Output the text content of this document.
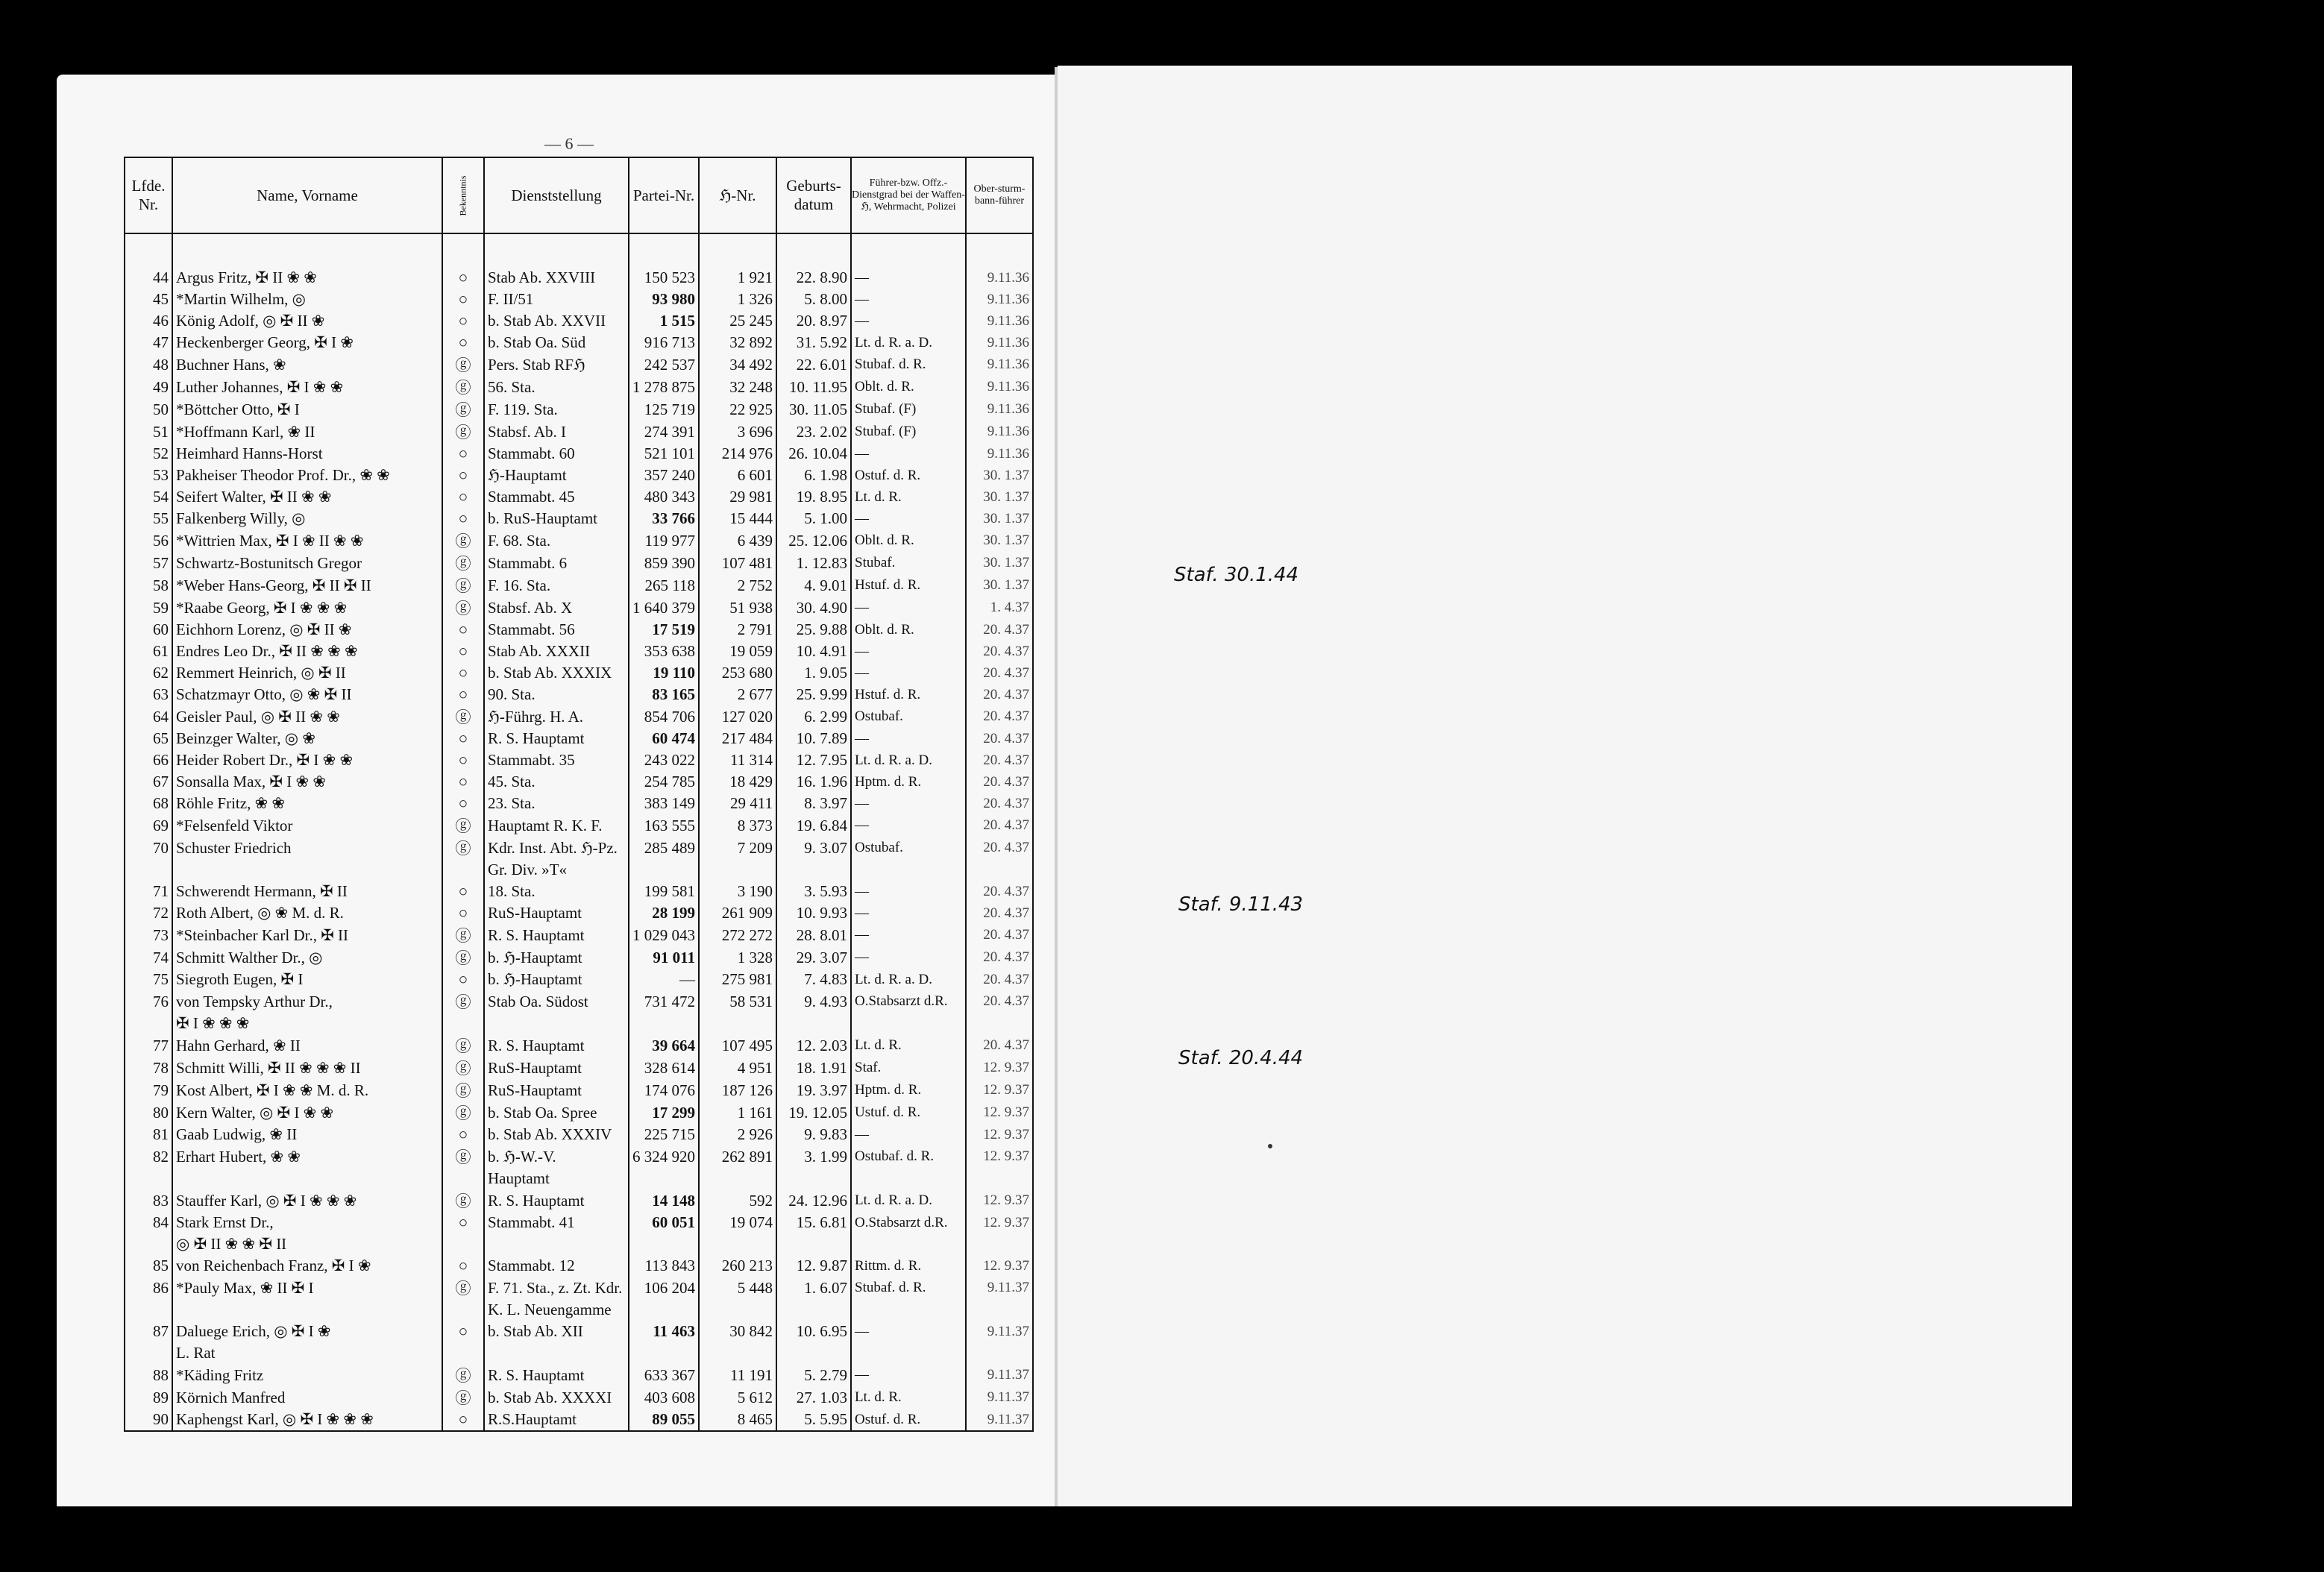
— 6 —
Lfde. Nr.	Name, Vorname	Bekenntnis	Dienststellung	Partei-Nr.	ℌ-Nr.	Geburts-datum	Führer-bzw. Offz.-Dienstgrad bei der Waffen-ℌ, Wehrmacht, Polizei	Ober-sturm-bann-führer

44	Argus Fritz, ✠ II ❀ ❀	○	Stab Ab. XXVIII	150 523	1 921	22. 8.90	—	9.11.36
45	*Martin Wilhelm, ◎	○	F. II/51	93 980	1 326	5. 8.00	—	9.11.36
46	König Adolf, ◎ ✠ II ❀	○	b. Stab Ab. XXVII	1 515	25 245	20. 8.97	—	9.11.36
47	Heckenberger Georg, ✠ I ❀	○	b. Stab Oa. Süd	916 713	32 892	31. 5.92	Lt. d. R. a. D.	9.11.36
48	Buchner Hans, ❀	ⓖ	Pers. Stab RFℌ	242 537	34 492	22. 6.01	Stubaf. d. R.	9.11.36
49	Luther Johannes, ✠ I ❀ ❀	ⓖ	56. Sta.	1 278 875	32 248	10. 11.95	Oblt. d. R.	9.11.36
50	*Böttcher Otto, ✠ I	ⓖ	F. 119. Sta.	125 719	22 925	30. 11.05	Stubaf. (F)	9.11.36
51	*Hoffmann Karl, ❀ II	ⓖ	Stabsf. Ab. I	274 391	3 696	23. 2.02	Stubaf. (F)	9.11.36
52	Heimhard Hanns-Horst	○	Stammabt. 60	521 101	214 976	26. 10.04	—	9.11.36
53	Pakheiser Theodor Prof. Dr., ❀ ❀	○	ℌ-Hauptamt	357 240	6 601	6. 1.98	Ostuf. d. R.	30. 1.37
54	Seifert Walter, ✠ II ❀ ❀	○	Stammabt. 45	480 343	29 981	19. 8.95	Lt. d. R.	30. 1.37
55	Falkenberg Willy, ◎	○	b. RuS-Hauptamt	33 766	15 444	5. 1.00	—	30. 1.37
56	*Wittrien Max, ✠ I ❀ II ❀ ❀	ⓖ	F. 68. Sta.	119 977	6 439	25. 12.06	Oblt. d. R.	30. 1.37
57	Schwartz-Bostunitsch Gregor	ⓖ	Stammabt. 6	859 390	107 481	1. 12.83	Stubaf.	30. 1.37
58	*Weber Hans-Georg, ✠ II ✠ II	ⓖ	F. 16. Sta.	265 118	2 752	4. 9.01	Hstuf. d. R.	30. 1.37
59	*Raabe Georg, ✠ I ❀ ❀ ❀	ⓖ	Stabsf. Ab. X	1 640 379	51 938	30. 4.90	—	1. 4.37
60	Eichhorn Lorenz, ◎ ✠ II ❀	○	Stammabt. 56	17 519	2 791	25. 9.88	Oblt. d. R.	20. 4.37
61	Endres Leo Dr., ✠ II ❀ ❀ ❀	○	Stab Ab. XXXII	353 638	19 059	10. 4.91	—	20. 4.37
62	Remmert Heinrich, ◎ ✠ II	○	b. Stab Ab. XXXIX	19 110	253 680	1. 9.05	—	20. 4.37
63	Schatzmayr Otto, ◎ ❀ ✠ II	○	90. Sta.	83 165	2 677	25. 9.99	Hstuf. d. R.	20. 4.37
64	Geisler Paul, ◎ ✠ II ❀ ❀	ⓖ	ℌ-Führg. H. A.	854 706	127 020	6. 2.99	Ostubaf.	20. 4.37
65	Beinzger Walter, ◎ ❀	○	R. S. Hauptamt	60 474	217 484	10. 7.89	—	20. 4.37
66	Heider Robert Dr., ✠ I ❀ ❀	○	Stammabt. 35	243 022	11 314	12. 7.95	Lt. d. R. a. D.	20. 4.37
67	Sonsalla Max, ✠ I ❀ ❀	○	45. Sta.	254 785	18 429	16. 1.96	Hptm. d. R.	20. 4.37
68	Röhle Fritz, ❀ ❀	○	23. Sta.	383 149	29 411	8. 3.97	—	20. 4.37
69	*Felsenfeld Viktor	ⓖ	Hauptamt R. K. F.	163 555	8 373	19. 6.84	—	20. 4.37
70	Schuster Friedrich	ⓖ	Kdr. Inst. Abt. ℌ-Pz.	285 489	7 209	9. 3.07	Ostubaf.	20. 4.37
			Gr. Div. »T«					
71	Schwerendt Hermann, ✠ II	○	18. Sta.	199 581	3 190	3. 5.93	—	20. 4.37
72	Roth Albert, ◎ ❀ M. d. R.	○	RuS-Hauptamt	28 199	261 909	10. 9.93	—	20. 4.37
73	*Steinbacher Karl Dr., ✠ II	ⓖ	R. S. Hauptamt	1 029 043	272 272	28. 8.01	—	20. 4.37
74	Schmitt Walther Dr., ◎	ⓖ	b. ℌ-Hauptamt	91 011	1 328	29. 3.07	—	20. 4.37
75	Siegroth Eugen, ✠ I	○	b. ℌ-Hauptamt	—	275 981	7. 4.83	Lt. d. R. a. D.	20. 4.37
76	von Tempsky Arthur Dr.,	ⓖ	Stab Oa. Südost	731 472	58 531	9. 4.93	O.Stabsarzt d.R.	20. 4.37
	✠ I ❀ ❀ ❀							
77	Hahn Gerhard, ❀ II	ⓖ	R. S. Hauptamt	39 664	107 495	12. 2.03	Lt. d. R.	20. 4.37
78	Schmitt Willi, ✠ II ❀ ❀ ❀ II	ⓖ	RuS-Hauptamt	328 614	4 951	18. 1.91	Staf.	12. 9.37
79	Kost Albert, ✠ I ❀ ❀ M. d. R.	ⓖ	RuS-Hauptamt	174 076	187 126	19. 3.97	Hptm. d. R.	12. 9.37
80	Kern Walter, ◎ ✠ I ❀ ❀	ⓖ	b. Stab Oa. Spree	17 299	1 161	19. 12.05	Ustuf. d. R.	12. 9.37
81	Gaab Ludwig, ❀ II	○	b. Stab Ab. XXXIV	225 715	2 926	9. 9.83	—	12. 9.37
82	Erhart Hubert, ❀ ❀	ⓖ	b. ℌ-W.-V.	6 324 920	262 891	3. 1.99	Ostubaf. d. R.	12. 9.37
			Hauptamt					
83	Stauffer Karl, ◎ ✠ I ❀ ❀ ❀	ⓖ	R. S. Hauptamt	14 148	592	24. 12.96	Lt. d. R. a. D.	12. 9.37
84	Stark Ernst Dr.,	○	Stammabt. 41	60 051	19 074	15. 6.81	O.Stabsarzt d.R.	12. 9.37
	◎ ✠ II ❀ ❀ ✠ II							
85	von Reichenbach Franz, ✠ I ❀	○	Stammabt. 12	113 843	260 213	12. 9.87	Rittm. d. R.	12. 9.37
86	*Pauly Max, ❀ II ✠ I	ⓖ	F. 71. Sta., z. Zt. Kdr.	106 204	5 448	1. 6.07	Stubaf. d. R.	9.11.37
			K. L. Neuengamme					
87	Daluege Erich, ◎ ✠ I ❀	○	b. Stab Ab. XII	11 463	30 842	10. 6.95	—	9.11.37
	L. Rat							
88	*Käding Fritz	ⓖ	R. S. Hauptamt	633 367	11 191	5. 2.79	—	9.11.37
89	Körnich Manfred	ⓖ	b. Stab Ab. XXXXI	403 608	5 612	27. 1.03	Lt. d. R.	9.11.37
90	Kaphengst Karl, ◎ ✠ I ❀ ❀ ❀	○	R.S.Hauptamt	89 055	8 465	5. 5.95	Ostuf. d. R.	9.11.37
Staf. 30.1.44
Staf. 9.11.43
Staf. 20.4.44
